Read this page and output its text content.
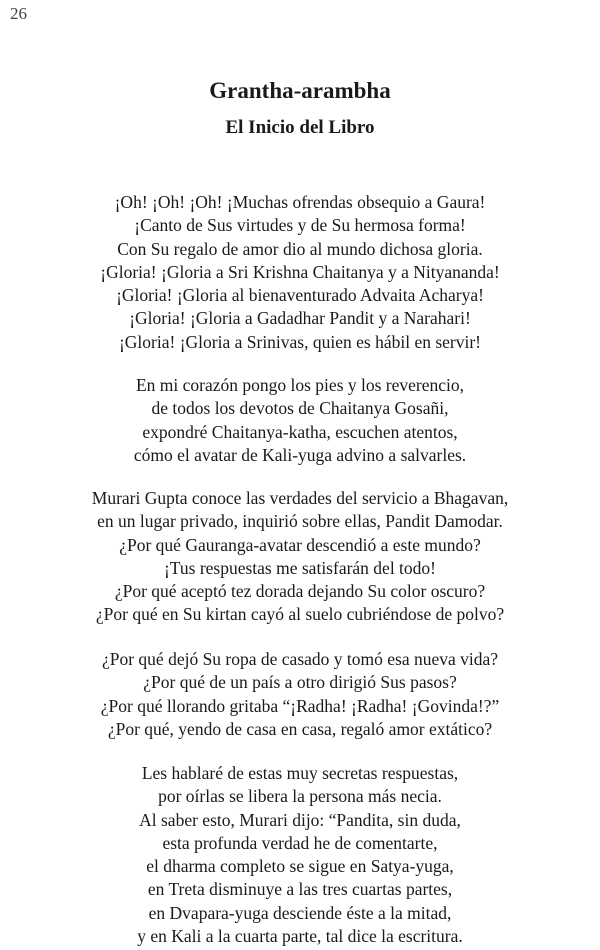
26
Grantha-arambha
El Inicio del Libro
¡Oh! ¡Oh! ¡Oh! ¡Muchas ofrendas obsequio a Gaura!
¡Canto de Sus virtudes y de Su hermosa forma!
Con Su regalo de amor dio al mundo dichosa gloria.
¡Gloria! ¡Gloria a Sri Krishna Chaitanya y a Nityananda!
¡Gloria! ¡Gloria al bienaventurado Advaita Acharya!
¡Gloria! ¡Gloria a Gadadhar Pandit y a Narahari!
¡Gloria! ¡Gloria a Srinivas, quien es hábil en servir!
En mi corazón pongo los pies y los reverencio,
de todos los devotos de Chaitanya Gosañi,
expondré Chaitanya-katha, escuchen atentos,
cómo el avatar de Kali-yuga advino a salvarles.
Murari Gupta conoce las verdades del servicio a Bhagavan,
en un lugar privado, inquirió sobre ellas, Pandit Damodar.
¿Por qué Gauranga-avatar descendió a este mundo?
¡Tus respuestas me satisfarán del todo!
¿Por qué aceptó tez dorada dejando Su color oscuro?
¿Por qué en Su kirtan cayó al suelo cubriéndose de polvo?
¿Por qué dejó Su ropa de casado y tomó esa nueva vida?
¿Por qué de un país a otro dirigió Sus pasos?
¿Por qué llorando gritaba “¡Radha! ¡Radha! ¡Govinda!?”
¿Por qué, yendo de casa en casa, regaló amor extático?
Les hablaré de estas muy secretas respuestas,
por oírlas se libera la persona más necia.
Al saber esto, Murari dijo: “Pandita, sin duda,
esta profunda verdad he de comentarte,
el dharma completo se sigue en Satya-yuga,
en Treta disminuye a las tres cuartas partes,
en Dvapara-yuga desciende éste a la mitad,
y en Kali a la cuarta parte, tal dice la escritura.
